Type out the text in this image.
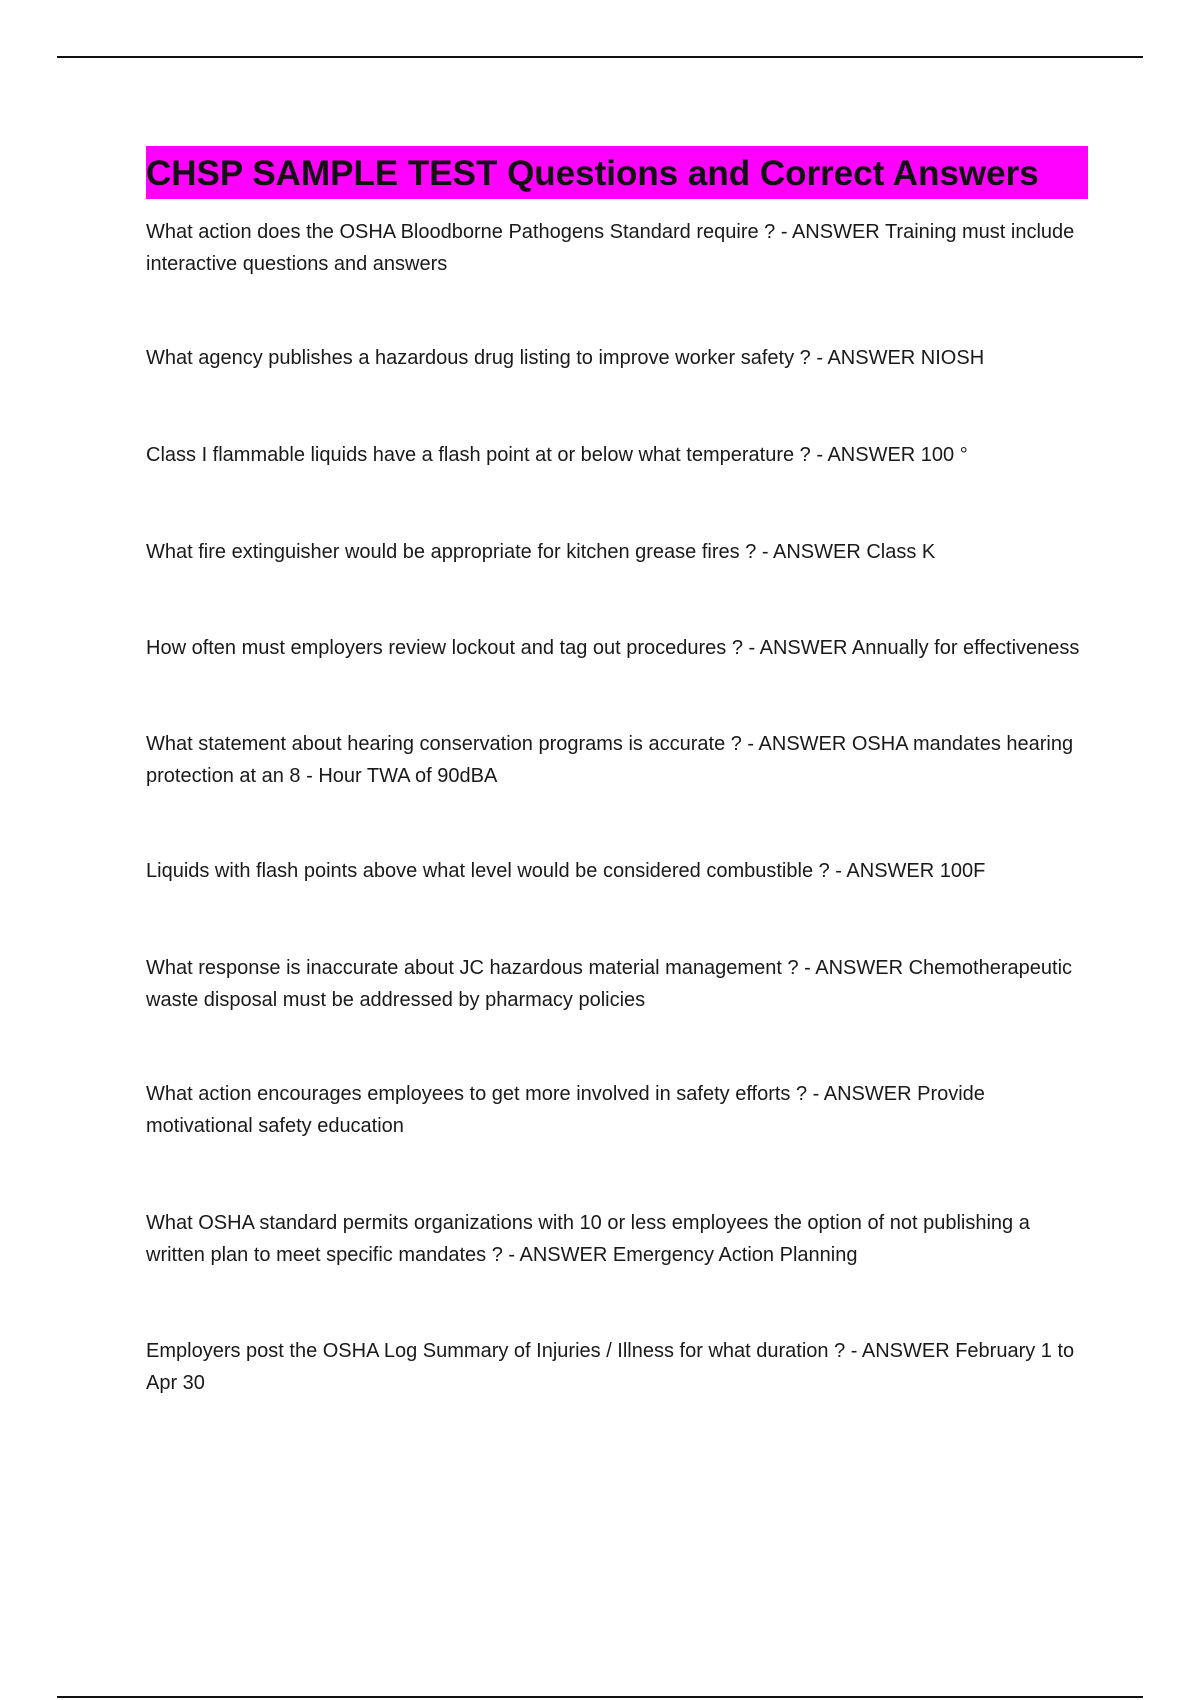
CHSP SAMPLE TEST Questions and Correct Answers
What action does the OSHA Bloodborne Pathogens Standard require ? - ANSWER Training must include interactive questions and answers
What agency publishes a hazardous drug listing to improve worker safety ? - ANSWER NIOSH
Class I flammable liquids have a flash point at or below what temperature ? - ANSWER 100 °
What fire extinguisher would be appropriate for kitchen grease fires ? - ANSWER Class K
How often must employers review lockout and tag out procedures ? - ANSWER Annually for effectiveness
What statement about hearing conservation programs is accurate ? - ANSWER OSHA mandates hearing protection at an 8 - Hour TWA of 90dBA
Liquids with flash points above what level would be considered combustible ? - ANSWER 100F
What response is inaccurate about JC hazardous material management ? - ANSWER Chemotherapeutic waste disposal must be addressed by pharmacy policies
What action encourages employees to get more involved in safety efforts ? - ANSWER Provide motivational safety education
What OSHA standard permits organizations with 10 or less employees the option of not publishing a written plan to meet specific mandates ? - ANSWER Emergency Action Planning
Employers post the OSHA Log Summary of Injuries / Illness for what duration ? - ANSWER February 1 to Apr 30
